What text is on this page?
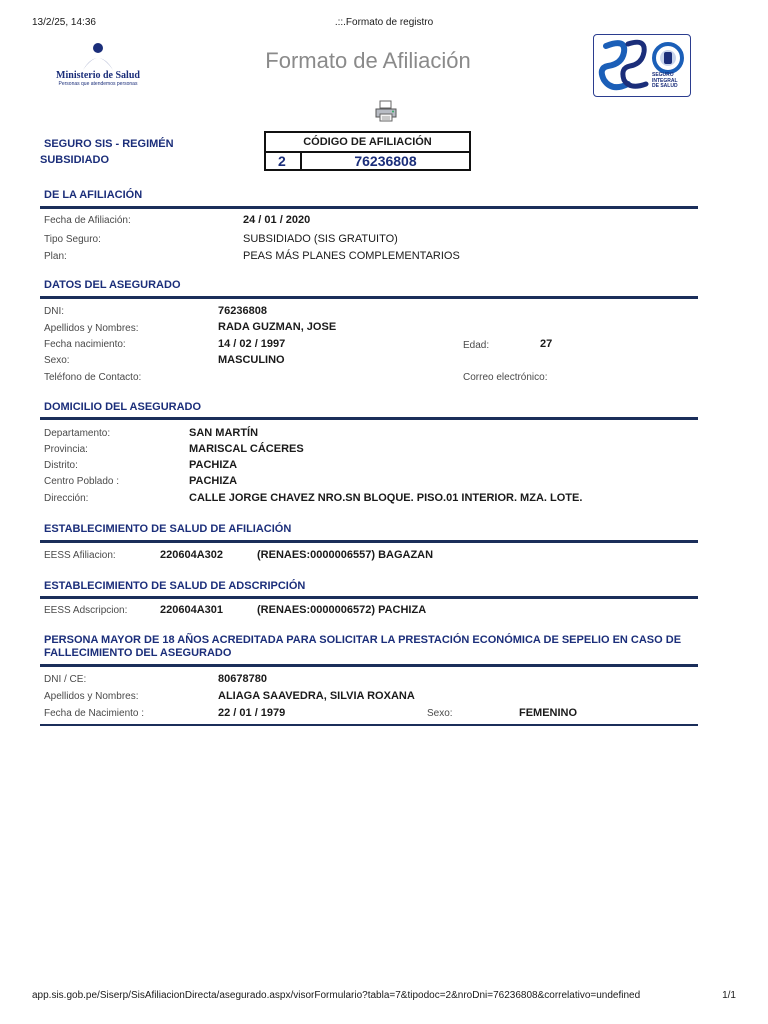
13/2/25, 14:36	.::.Formato de registro
Ministerio de Salud
Personas que atendemos personas
Formato de Afiliación
SEGURO
INTEGRAL
DE SALUD
SEGURO SIS - REGIMÉN
SUBSIDIADO
CÓDIGO DE AFILIACIÓN
2	76236808
DE LA AFILIACIÓN
Fecha de Afiliación:	24 / 01 / 2020
Tipo Seguro:	SUBSIDIADO (SIS GRATUITO)
Plan:	PEAS MÁS PLANES COMPLEMENTARIOS
DATOS DEL ASEGURADO
DNI:	76236808
Apellidos y Nombres:	RADA GUZMAN, JOSE
Fecha nacimiento:	14 / 02 / 1997	Edad:	27
Sexo:	MASCULINO
Teléfono de Contacto:	Correo electrónico:
DOMICILIO DEL ASEGURADO
Departamento:	SAN MARTÍN
Provincia:	MARISCAL CÁCERES
Distrito:	PACHIZA
Centro Poblado :	PACHIZA
Dirección:	CALLE JORGE CHAVEZ NRO.SN BLOQUE. PISO.01 INTERIOR. MZA. LOTE.
ESTABLECIMIENTO DE SALUD DE AFILIACIÓN
EESS Afiliacion:	220604A302	(RENAES:0000006557) BAGAZAN
ESTABLECIMIENTO DE SALUD DE ADSCRIPCIÓN
EESS Adscripcion:	220604A301	(RENAES:0000006572) PACHIZA
PERSONA MAYOR DE 18 AÑOS ACREDITADA PARA SOLICITAR LA PRESTACIÓN ECONÓMICA DE SEPELIO EN CASO DE FALLECIMIENTO DEL ASEGURADO
DNI / CE:	80678780
Apellidos y Nombres:	ALIAGA SAAVEDRA, SILVIA ROXANA
Fecha de Nacimiento :	22 / 01 / 1979	Sexo:	FEMENINO
app.sis.gob.pe/Siserp/SisAfiliacionDirecta/asegurado.aspx/visorFormulario?tabla=7&tipodoc=2&nroDni=76236808&correlativo=undefined	1/1
